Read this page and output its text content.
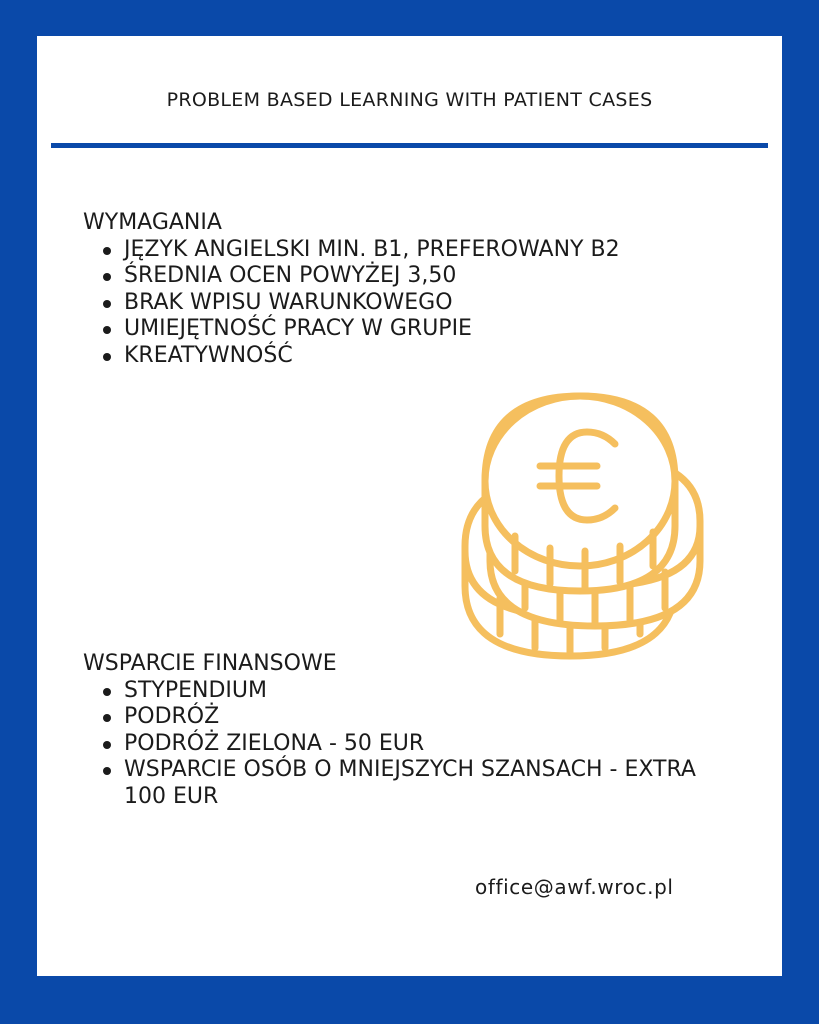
PROBLEM BASED LEARNING WITH PATIENT CASES
WYMAGANIA
JĘZYK ANGIELSKI MIN. B1, PREFEROWANY B2
ŚREDNIA OCEN POWYŻEJ 3,50
BRAK WPISU WARUNKOWEGO
UMIEJĘTNOŚĆ PRACY W GRUPIE
KREATYWNOŚĆ
WSPARCIE FINANSOWE
STYPENDIUM
PODRÓŻ
PODRÓŻ ZIELONA - 50 EUR
WSPARCIE OSÓB O MNIEJSZYCH SZANSACH - EXTRA 100 EUR
office@awf.wroc.pl
